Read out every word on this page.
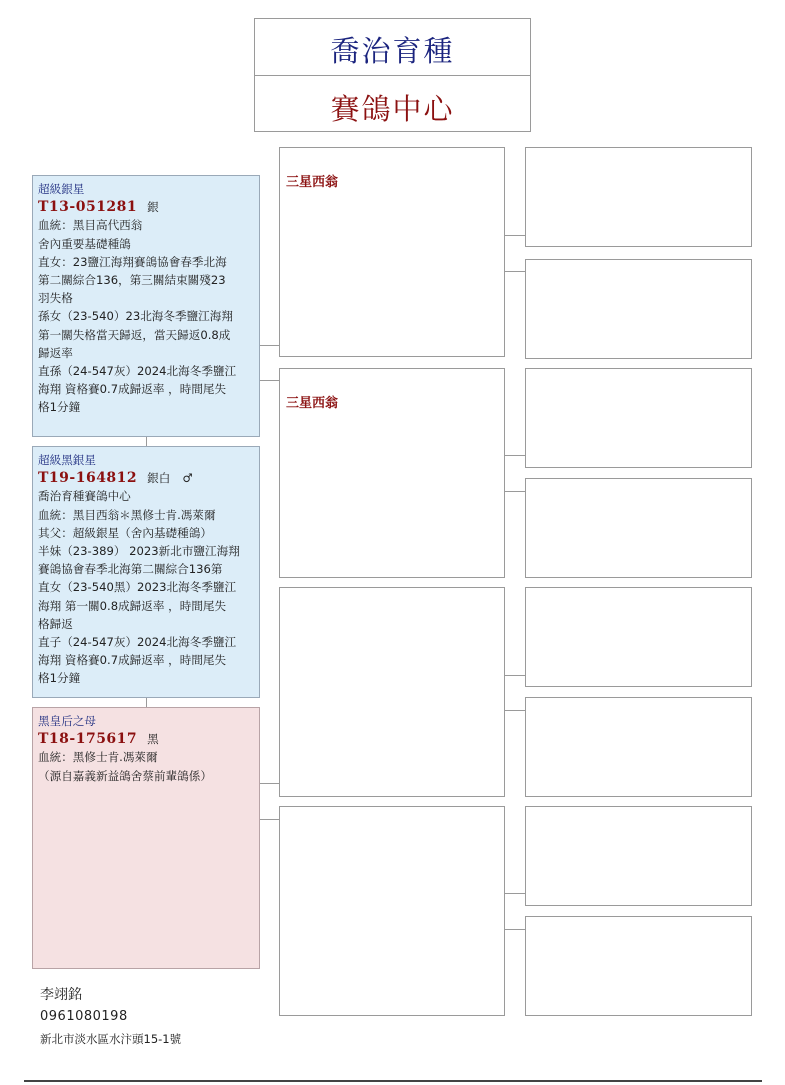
喬治育種
賽鴿中心
超級銀星
T13-051281 銀
血統：黑目高代西翁
舍內重要基礎種鴿
直女：23鹽江海翔賽鴿協會春季北海
第二關綜合136，第三關結束關殘23
羽失格
孫女（23-540）23北海冬季鹽江海翔
第一關失格當天歸返，當天歸返0.8成
歸返率
直孫（24-547灰）2024北海冬季鹽江
海翔 資格賽0.7成歸返率 ，時間尾失
格1分鐘
超級黑銀星
T19-164812 銀白 ♂
喬治育種賽鴿中心
血統：黑目西翁＊黑修士肯.馮萊爾
其父：超級銀星（舍內基礎種鴿）
半妹（23-389） 2023新北市鹽江海翔
賽鴿協會春季北海第二關綜合136第
直女（23-540黑）2023北海冬季鹽江
海翔 第一關0.8成歸返率 ，時間尾失
格歸返
直子（24-547灰）2024北海冬季鹽江
海翔 資格賽0.7成歸返率 ，時間尾失
格1分鐘
黑皇后之母
T18-175617 黑
血統：黑修士肯.馮萊爾
（源自嘉義新益鴿舍蔡前輩鴿係）
三星西翁
三星西翁
李翊銘
0961080198
新北市淡水區水汴頭15-1號
